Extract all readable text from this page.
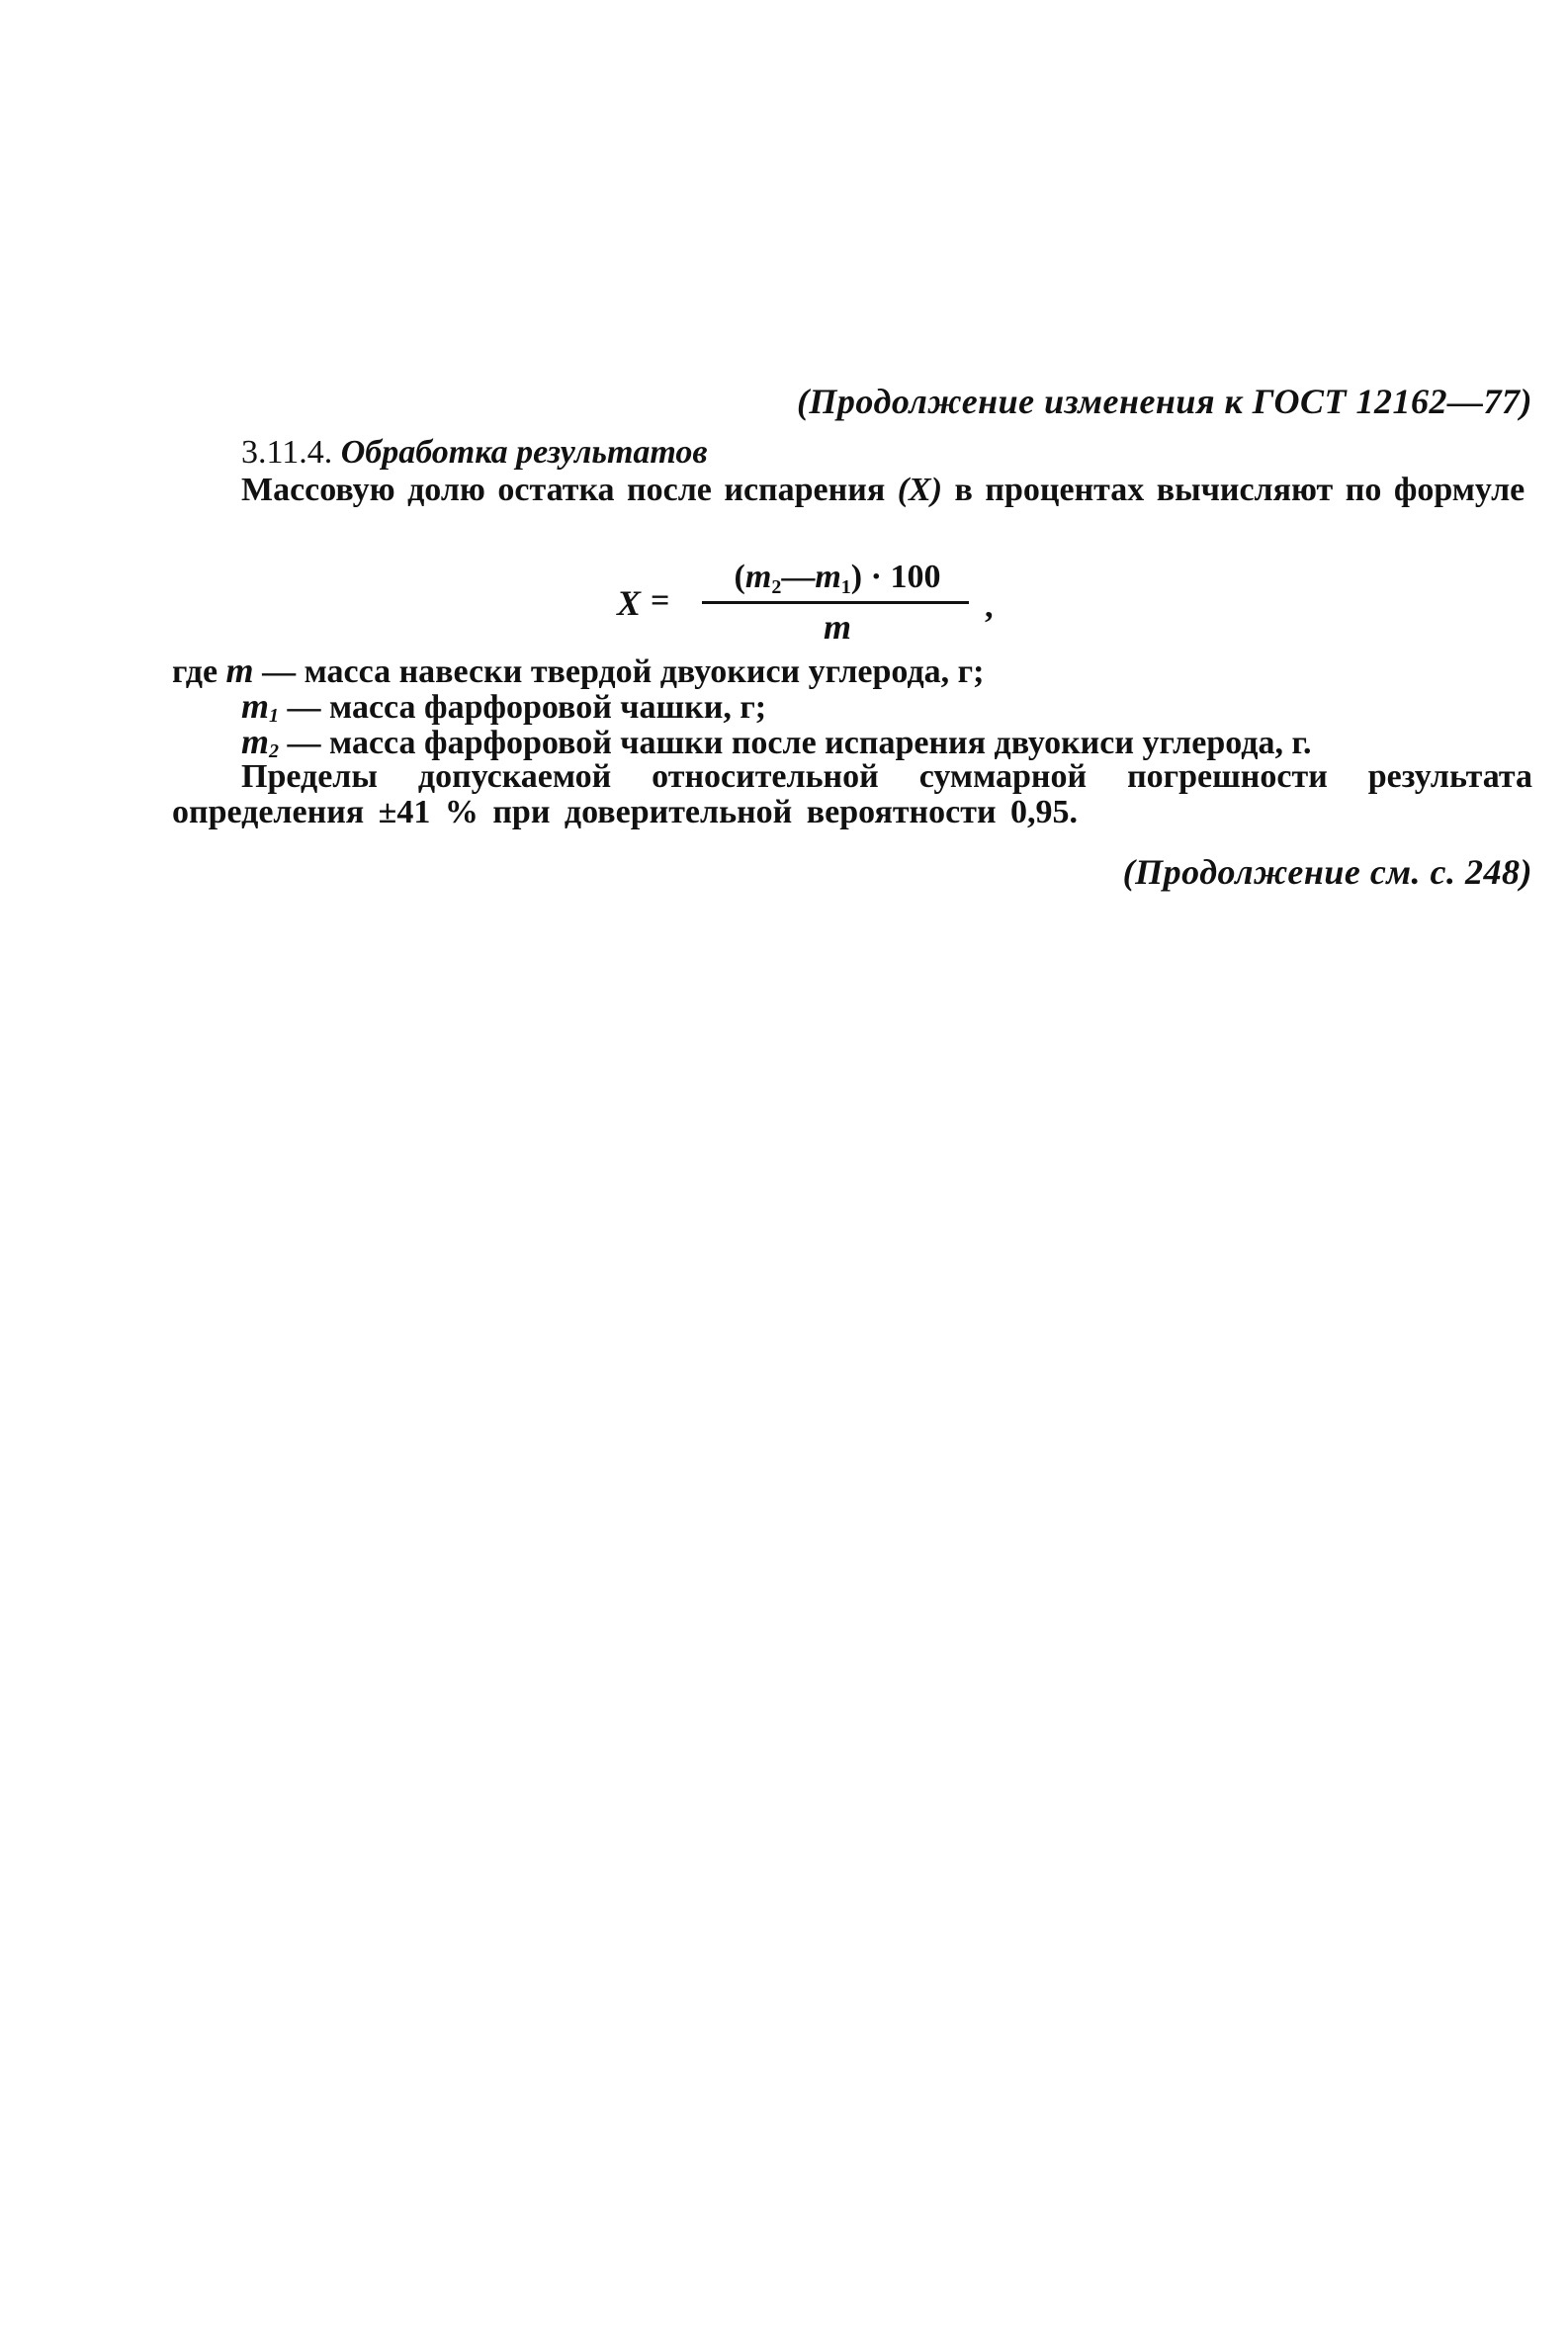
(Продолжение изменения к ГОСТ 12162—77)
3.11.4. Обработка результатов
Массовую долю остатка после испарения (X) в процентах вычисляют по формуле
X =
$(m_2—m_1) \cdot 100$
m
,
где m — масса навески твердой двуокиси углерода, г;
$m_1$ — масса фарфоровой чашки, г;
$m_2$ — масса фарфоровой чашки после испарения двуокиси углерода, г.
Пределы допускаемой относительной суммарной погрешности результата определения ±41 % при доверительной вероятности 0,95.
(Продолжение см. с. 248)
